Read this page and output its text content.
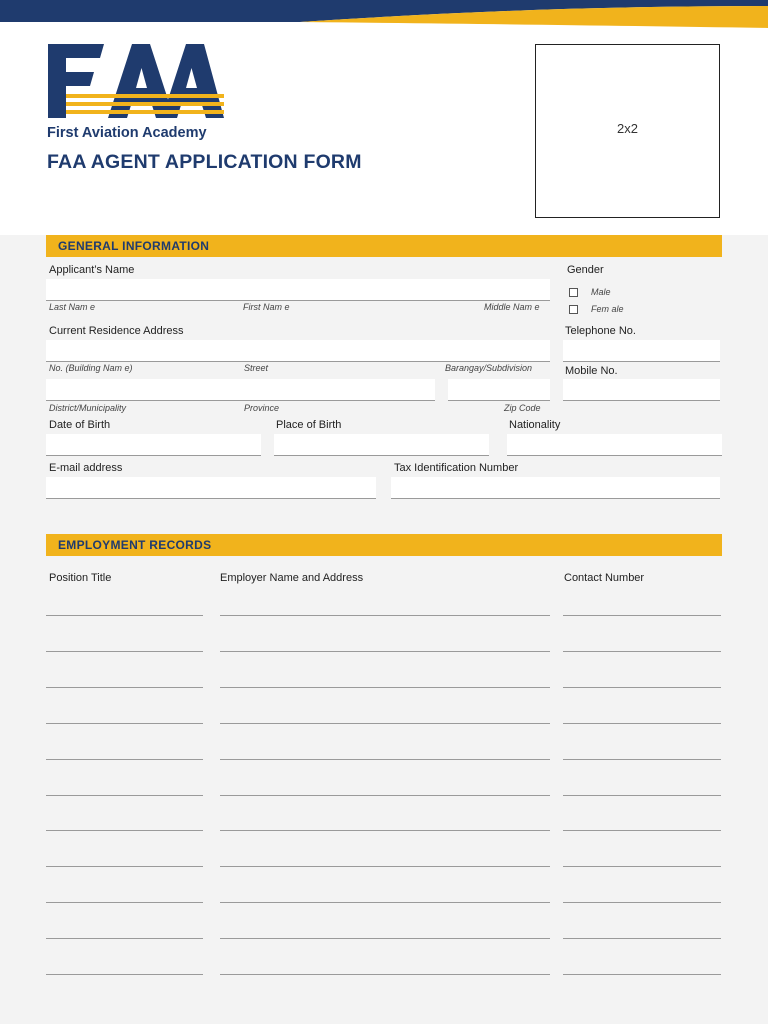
First Aviation Academy
FAA AGENT APPLICATION FORM
2x2
GENERAL INFORMATION
Applicant’s Name
Last Nam e	First Nam e	Middle Nam e
Gender
Male
Fem ale
Current Residence Address
No. (Building Nam e)	Street	Barangay/Subdivision
District/Municipality	Province	Zip Code
Telephone No.
Mobile No.
Date of Birth	Place of Birth	Nationality
E-mail address	Tax Identification Number
EMPLOYMENT RECORDS
Position Title	Employer Name and Address	Contact Number
